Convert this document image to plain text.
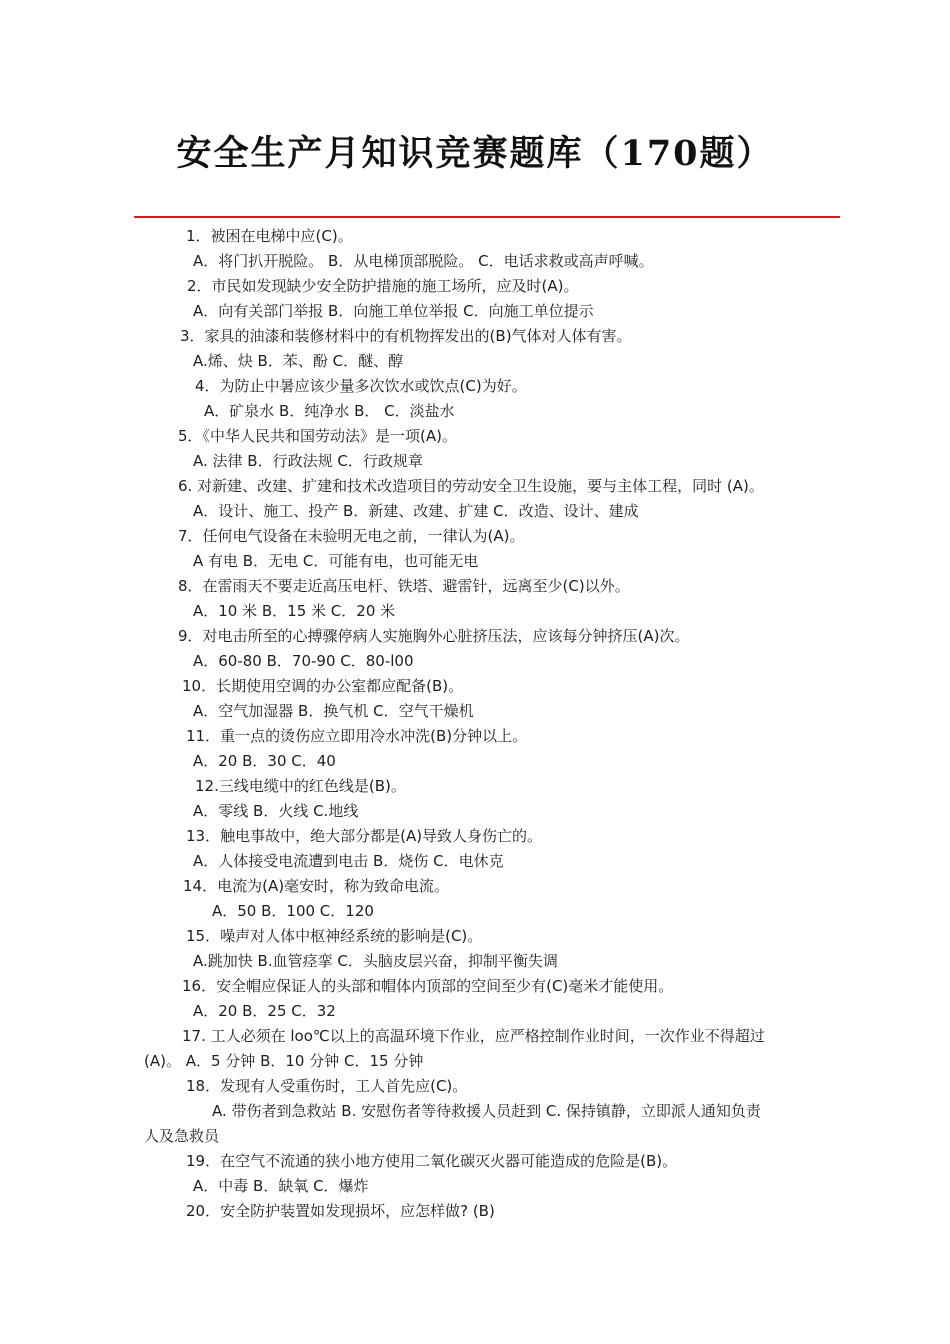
安全生产月知识竞赛题库（170题）
1．被困在电梯中应(C)。
A．将门扒开脱险。 B．从电梯顶部脱险。 C．电话求救或高声呼喊。
2．市民如发现缺少安全防护措施的施工场所，应及时(A)。
A．向有关部门举报 B．向施工单位举报 C．向施工单位提示
3．家具的油漆和装修材料中的有机物挥发出的(B)气体对人体有害。
A.烯、炔 B．苯、酚 C．醚、醇
4．为防止中暑应该少量多次饮水或饮点(C)为好。
A．矿泉水 B．纯净水 B． C．淡盐水
5．《中华人民共和国劳动法》是一项(A)。
A. 法律 B．行政法规 C．行政规章
6. 对新建、改建、扩建和技术改造项目的劳动安全卫生设施，要与主体工程，同时 (A)。
A．设计、施工、投产 B．新建、改建、扩建 C．改造、设计、建成
7．任何电气设备在未验明无电之前，一律认为(A)。
A 有电 B．无电 C．可能有电，也可能无电
8．在雷雨天不要走近高压电杆、铁塔、避雷针，远离至少(C)以外。
A．10 米 B．15 米 C．20 米
9．对电击所至的心搏骤停病人实施胸外心脏挤压法，应该每分钟挤压(A)次。
A．60-80 B．70-90 C．80-l00
10．长期使用空调的办公室都应配备(B)。
A．空气加湿器 B．换气机 C．空气干燥机
11．重一点的烫伤应立即用冷水冲洗(B)分钟以上。
A．20 B．30 C．40
12.三线电缆中的红色线是(B)。
A．零线 B．火线 C.地线
13．触电事故中，绝大部分都是(A)导致人身伤亡的。
A．人体接受电流遭到电击 B．烧伤 C．电休克
14．电流为(A)毫安时，称为致命电流。
A．50 B．100 C．120
15．噪声对人体中枢神经系统的影响是(C)。
A.跳加快 B.血管痉挛 C．头脑皮层兴奋，抑制平衡失调
16．安全帽应保证人的头部和帽体内顶部的空间至少有(C)毫米才能使用。
A．20 B．25 C．32
17. 工人必须在 loo℃以上的高温环境下作业，应严格控制作业时间，一次作业不得超过
(A)。 A．5 分钟 B．10 分钟 C．15 分钟
18．发现有人受重伤时，工人首先应(C)。
A. 带伤者到急救站 B. 安慰伤者等待救援人员赶到 C. 保持镇静，立即派人通知负责
人及急救员
19．在空气不流通的狭小地方使用二氧化碳灭火器可能造成的危险是(B)。
A．中毒 B．缺氧 C．爆炸
20．安全防护装置如发现损坏，应怎样做? (B)
